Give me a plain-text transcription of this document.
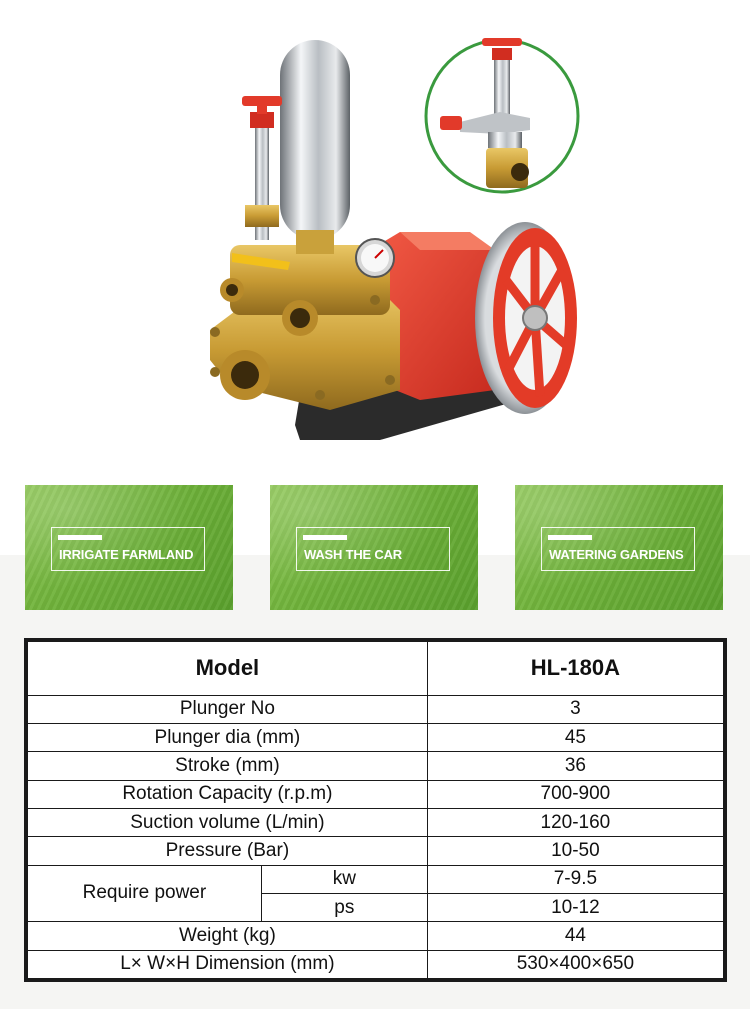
IRRIGATE FARMLAND	WASH THE CAR	WATERING GARDENS
Model		HL-180A
Plunger No		3
Plunger dia (mm)		45
Stroke (mm)		36
Rotation Capacity (r.p.m)		700-900
Suction volume (L/min)		120-160
Pressure (Bar)		10-50
Require power	kw	7-9.5
	ps	10-12
Weight (kg)		44
L× W×H Dimension (mm)		530×400×650
